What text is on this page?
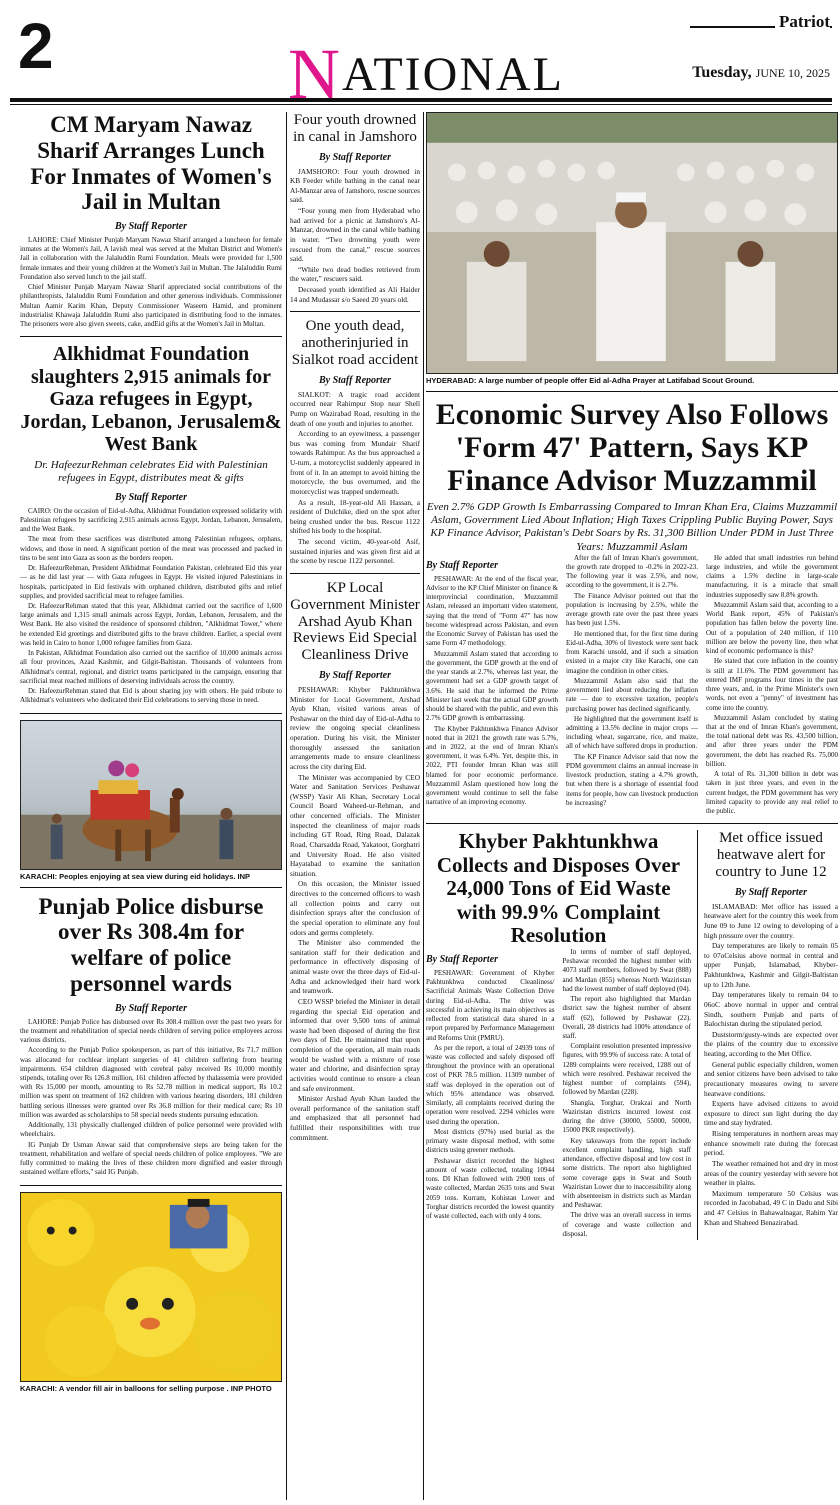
2	NATIONAL
Patriot
Tuesday, JUNE 10, 2025
CM Maryam Nawaz Sharif Arranges Lunch For Inmates of Women's Jail in Multan
By Staff Reporter

LAHORE: Chief Minister Punjab Maryam Nawaz Sharif arranged a luncheon for female inmates at the Women's Jail, A lavish meal was served at the Multan District and Women's Jail in collaboration with the Jalaluddin Rumi Foundation. Meals were provided for 1,500 female inmates and their young children at the Women's Jail in Multan. The Jalaluddin Rumi Foundation also served lunch to the jail staff.

Chief Minister Punjab Maryam Nawaz Sharif appreciated social contributions of the philanthropists, Jalaluddin Rumi Foundation and other generous individuals. Commissioner Multan Aamir Karim Khan, Deputy Commissioner Waseem Hamid, and prominent industrialist Khawaja Jalaluddin Rumi also participated in distributing food to the inmates. The prisoners were also given sweets, cake, andEid gifts at the Women's Jail in Multan.

Alkhidmat Foundation slaughters 2,915 animals for Gaza refugees in Egypt, Jordan, Lebanon, Jerusalem& West Bank
Dr. HafeezurRehman celebrates Eid with Palestinian refugees in Egypt, distributes meat & gifts
By Staff Reporter

CAIRO: On the occasion of Eid-ul-Adha, Alkhidmat Foundation expressed solidarity with Palestinian refugees by sacrificing 2,915 animals across Egypt, Jordan, Lebanon, Jerusalem, and the West Bank.

The meat from these sacrifices was distributed among Palestinian refugees, orphans, widows, and those in need. A significant portion of the meat was processed and packed in tins to be sent into Gaza as soon as the borders reopen.

Dr. HafeezurRehman, President Alkhidmat Foundation Pakistan, celebrated Eid this year — as he did last year — with Gaza refugees in Egypt. He visited injured Palestinians in hospitals, participated in Eid festivals with orphaned children, distributed gifts and relief supplies, and provided sacrificial meat to refugee families.

Dr. HafeezurRehman stated that this year, Alkhidmat carried out the sacrifice of 1,600 large animals and 1,315 small animals across Egypt, Jordan, Lebanon, Jerusalem, and the West Bank. He also visited the residence of sponsored children, "Alkhidmat Tower," where he extended Eid greetings and distributed gifts to the brave children. Earlier, a special event was held in Cairo to honor 1,000 refugee families from Gaza.

In Pakistan, Alkhidmat Foundation also carried out the sacrifice of 10,000 animals across all four provinces, Azad Kashmir, and Gilgit-Baltistan. Thousands of volunteers from Alkhidmat's central, regional, and district teams participated in the campaign, ensuring that sacrificial meat reached millions of deserving individuals across the country.

Dr. HafeezurRehman stated that Eid is about sharing joy with others. He paid tribute to Alkhidmat's volunteers who dedicated their Eid celebrations to serving those in need.

KARACHI: Peoples enjoying at sea view during eid holidays. INP
Punjab Police disburse over Rs 308.4m for welfare of police personnel wards
By Staff Reporter

LAHORE: Punjab Police has disbursed over Rs 308.4 million over the past two years for the treatment and rehabilitation of special needs children of serving police employees across various districts.

According to the Punjab Police spokesperson, as part of this initiative, Rs 71.7 million was allocated for cochlear implant surgeries of 41 children suffering from hearing impairments. 654 children diagnosed with cerebral palsy received Rs 10,000 monthly stipends, totaling over Rs 126.8 million, 161 children affected by thalassemia were provided with Rs 15,000 per month, amounting to Rs 52.78 million in medical support, Rs 10.2 million was spent on treatment of 162 children with various hearing disorders, 181 children battling serious illnesses were granted over Rs 36.8 million for their medical care; Rs 10 million was awarded as scholarships to 58 special needs students pursuing education.

Additionally, 131 physically challenged children of police personnel were provided with wheelchairs.

IG Punjab Dr Usman Anwar said that comprehensive steps are being taken for the treatment, rehabilitation and welfare of special needs children of police employees. "We are fully committed to making the lives of these children more dignified and easier through sustained welfare efforts," said IG Punjab.

KARACHI: A vendor fill air in balloons for selling purpose . INP PHOTO
Four youth drowned in canal in Jamshoro
By Staff Reporter

JAMSHORO: Four youth drowned in KB Feeder while bathing in the canal near Al-Manzar area of Jamshoro, rescue sources said.

“Four young men from Hyderabad who had arrived for a picnic at Jamshoro's Al-Manzar, drowned in the canal while bathing in water. “Two drowning youth were rescued from the canal,” rescue sources said.

“While two dead bodies retrieved from the water,” rescuers said.

Deceased youth identified as Ali Haider 14 and Mudassar s/o Saeed 20 years old.

One youth dead, anotherinjuried in Sialkot road accident
By Staff Reporter

SIALKOT: A tragic road accident occurred near Rahimpur Stop near Shell Pump on Wazirabad Road, resulting in the death of one youth and injuries to another.

According to an eyewitness, a passenger bus was coming from Mundair Sharif towards Rahimpur. As the bus approached a U-turn, a motorcyclist suddenly appeared in front of it. In an attempt to avoid hitting the motorcycle, the bus overturned, and the motorcyclist was trapped underneath.

As a result, 18-year-old Ali Hassan, a resident of Dulchike, died on the spot after being crushed under the bus. Rescue 1122 shifted his body to the hospital.

The second victim, 40-year-old Asif, sustained injuries and was given first aid at the scene by rescue 1122 personnel.

KP Local Government Minister Arshad Ayub Khan Reviews Eid Special Cleanliness Drive
By Staff Reporter

PESHAWAR: Khyber Pakhtunkhwa Minister for Local Government, Arshad Ayub Khan, visited various areas of Peshawar on the third day of Eid-ul-Adha to review the ongoing special cleanliness operation. During his visit, the Minister thoroughly assessed the sanitation arrangements made to ensure cleanliness across the city during Eid.

The Minister was accompanied by CEO Water and Sanitation Services Peshawar (WSSP) Yasir Ali Khan, Secretary Local Council Board Waheed-ur-Rehman, and other concerned officials. The Minister inspected the cleanliness of major roads including GT Road, Ring Road, Dalazak Road, Charsadda Road, Yakatoot, Gorghatri and University Road. He also visited Hayatabad to examine the sanitation situation.

On this occasion, the Minister issued directives to the concerned officers to wash all collection points and carry out disinfection sprays after the conclusion of the special operation to eliminate any foul odors and germs completely.

The Minister also commended the sanitation staff for their dedication and performance in effectively disposing of animal waste over the three days of Eid-ul-Adha and acknowledged their hard work and teamwork.

CEO WSSP briefed the Minister in detail regarding the special Eid operation and informed that over 9,500 tons of animal waste had been disposed of during the first two days of Eid. He maintained that upon completion of the operation, all main roads would be washed with a mixture of rose water and chlorine, and disinfection spray activities would continue to ensure a clean and safe environment.

Minister Arshad Ayub Khan lauded the overall performance of the sanitation staff and emphasized that all personnel had fulfilled their responsibilities with true commitment.

HYDERABAD: A large number of people offer Eid al-Adha Prayer at Latifabad Scout Ground.
Economic Survey Also Follows 'Form 47' Pattern, Says KP Finance Advisor Muzzammil
Even 2.7% GDP Growth Is Embarrassing Compared to Imran Khan Era, Claims Muzzammil Aslam, Government Lied About Inflation; High Taxes Crippling Public Buying Power, Says KP Finance Advisor, Pakistan's Debt Soars by Rs. 31,300 Billion Under PDM in Just Three Years: Muzzammil Aslam
By Staff Reporter

PESHAWAR: At the end of the fiscal year, Advisor to the KP Chief Minister on finance & interprovincial coordination, Muzzammil Aslam, released an important video statement, saying that the trend of "Form 47" has now become widespread across Pakistan, and even the Economic Survey of Pakistan has used the same Form 47 methodology.

Muzzammil Aslam stated that according to the government, the GDP growth at the end of the year stands at 2.7%, whereas last year, the government had set a GDP growth target of 3.6%. He said that he informed the Prime Minister last week that the actual GDP growth should be shared with the public, and even this 2.7% GDP growth is embarrassing.

The Khyber Pakhtunkhwa Finance Advisor noted that in 2021 the growth rate was 5.7%, and in 2022, at the end of Imran Khan's government, it was 6.4%. Yet, despite this, in 2022, PTI founder Imran Khan was still blamed for poor economic performance. Muzzammil Aslam questioned how long the government would continue to sell the false narrative of an improving economy.

After the fall of Imran Khan's government, the growth rate dropped to -0.2% in 2022-23. The following year it was 2.5%, and now, according to the government, it is 2.7%.

The Finance Advisor pointed out that the population is increasing by 2.5%, while the average growth rate over the past three years has been just 1.5%.

He mentioned that, for the first time during Eid-ul-Adha, 30% of livestock were sent back from Karachi unsold, and if such a situation existed in a major city like Karachi, one can imagine the condition in other cities.

Muzzammil Aslam also said that the government lied about reducing the inflation rate — due to excessive taxation, people's purchasing power has declined significantly.

He highlighted that the government itself is admitting a 13.5% decline in major crops — including wheat, sugarcane, rice, and maize, all of which have suffered drops in production.

The KP Finance Advisor said that now the PDM government claims an annual increase in livestock production, stating a 4.7% growth, but when there is a shortage of essential food items for people, how can livestock production be increasing?

He added that small industries run behind large industries, and while the government claims a 1.5% decline in large-scale manufacturing, it is a miracle that small industries supposedly saw 8.8% growth.

Muzzammil Aslam said that, according to a World Bank report, 45% of Pakistan's population has fallen below the poverty line. Out of a population of 240 million, if 110 million are below the poverty line, then what kind of economic performance is this?

He stated that core inflation in the country is still at 11.6%. The PDM government has entered IMF programs four times in the past three years, and, in the Prime Minister's own words, not even a "penny" of investment has come into the country.

Muzzammil Aslam concluded by stating that at the end of Imran Khan's government, the total national debt was Rs. 43,500 billion, and after three years under the PDM government, the debt has reached Rs. 75,000 billion.

A total of Rs. 31,300 billion in debt was taken in just three years, and even in the current budget, the PDM government has very limited capacity to provide any real relief to the public.

Khyber Pakhtunkhwa Collects and Disposes Over 24,000 Tons of Eid Waste with 99.9% Complaint Resolution
By Staff Reporter

PESHAWAR: Government of Khyber Pakhtunkhwa conducted Cleanliness/ Sacrificial Animals Waste Collection Drive during Eid-ul-Adha. The drive was successful in achieving its main objectives as reflected from statistical data shared in a report prepared by Performance Management and Reforms Unit (PMRU).

As per the report, a total of 24939 tons of waste was collected and safely disposed off throughout the province with an operational cost of PKR 78.5 million. 11309 number of staff was deployed in the operation out of which 95% attendance was observed. Similarly, all complaints received during the operation were resolved. 2294 vehicles were used during the operation.

Most districts (97%) used burial as the primary waste disposal method, with some districts using greener methods.

Peshawar district recorded the highest amount of waste collected, totaling 10944 tons. DI Khan followed with 2900 tons of waste collected, Mardan 2635 tons and Swat 2059 tons. Kurram, Kohistan Lower and Torghar districts recorded the lowest quantity of waste collected, each with only 4 tons.

In terms of number of staff deployed, Peshawar recorded the highest number with 4073 staff members, followed by Swat (888) and Mardan (855) whereas North Waziristan had the lowest number of staff deployed (04).

The report also highlighted that Mardan district saw the highest number of absent staff (62), followed by Peshawar (22). Overall, 28 districts had 100% attendance of staff.

Complaint resolution presented impressive figures, with 99.9% of success rate. A total of 1289 complaints were received, 1288 out of which were resolved. Peshawar received the highest number of complaints (594), followed by Mardan (228).

Shangla, Torghar, Orakzai and North Waziristan districts incurred lowest cost during the drive (30000, 55000, 50000, 15000 PKR respectively).

Key takeaways from the report include excellent complaint handling, high staff attendance, effective disposal and low cost in some districts. The report also highlighted some coverage gaps in Swat and South Waziristan Lower due to inaccessibility along with absenteeism in districts such as Mardan and Peshawar.

The drive was an overall success in terms of coverage and waste collection and disposal.

Met office issued heatwave alert for country to June 12
By Staff Reporter

ISLAMABAD: Met office has issued a heatwave alert for the country this week from June 09 to June 12 owing to developing of a high pressure over the country.

Day temperatures are likely to remain 05 to 07oCelsius above normal in central and upper Punjab, Islamabad, Khyber-Pakhtunkhwa, Kashmir and Gilgit-Baltistan up to 12th June.

Day temperatures likely to remain 04 to 06oC above normal in upper and central Sindh, southern Punjab and parts of Balochistan during the stipulated period.

Duststorm/gusty-winds are expected over the plains of the country due to excessive heating, according to the Met Office.

General public especially children, women and senior citizens have been advised to take precautionary measures owing to severe heatwave conditions.

Experts have advised citizens to avoid exposure to direct sun light during the day time and stay hydrated.

Rising temperatures in northern areas may enhance snowmelt rate during the forecast period.

The weather remained hot and dry in most areas of the country yesterday with severe hot weather in plains.

Maximum temperature 50 Celsius was recorded in Jacobabad, 49 C in Dadu and Sibi and 47 Celsius in Bahawalnagar, Rahim Yar Khan and Shaheed Benazirabad.
